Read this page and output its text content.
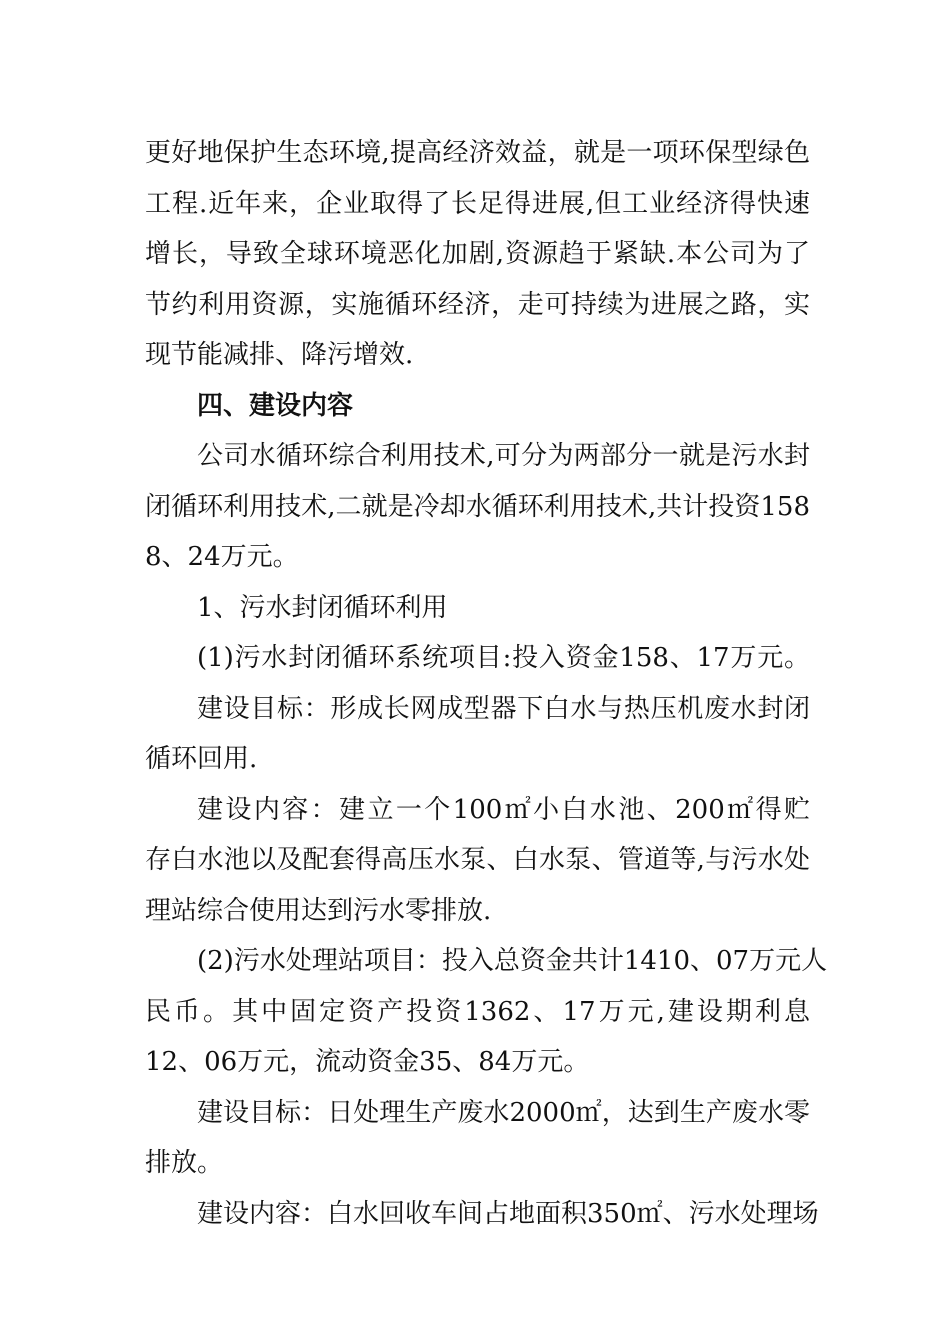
更好地保护生态环境,提高经济效益，就是一项环保型绿色
工程.近年来，企业取得了长足得进展,但工业经济得快速
增长，导致全球环境恶化加剧,资源趋于紧缺.本公司为了
节约利用资源，实施循环经济，走可持续为进展之路，实
现节能减排、降污增效.
四、建设内容
公司水循环综合利用技术,可分为两部分一就是污水封
闭循环利用技术,二就是冷却水循环利用技术,共计投资158
8、24万元。
1、污水封闭循环利用
(1)污水封闭循环系统项目:投入资金158、17万元。
建设目标：形成长网成型器下白水与热压机废水封闭
循环回用.
建设内容：建立一个100㎡小白水池、200㎡得贮
存白水池以及配套得高压水泵、白水泵、管道等,与污水处
理站综合使用达到污水零排放.
(2)污水处理站项目：投入总资金共计1410、07万元人
民币。其中固定资产投资1362、17万元,建设期利息
12、06万元，流动资金35、84万元。
建设目标：日处理生产废水2000㎡，达到生产废水零
排放。
建设内容：白水回收车间占地面积350㎡、污水处理场
